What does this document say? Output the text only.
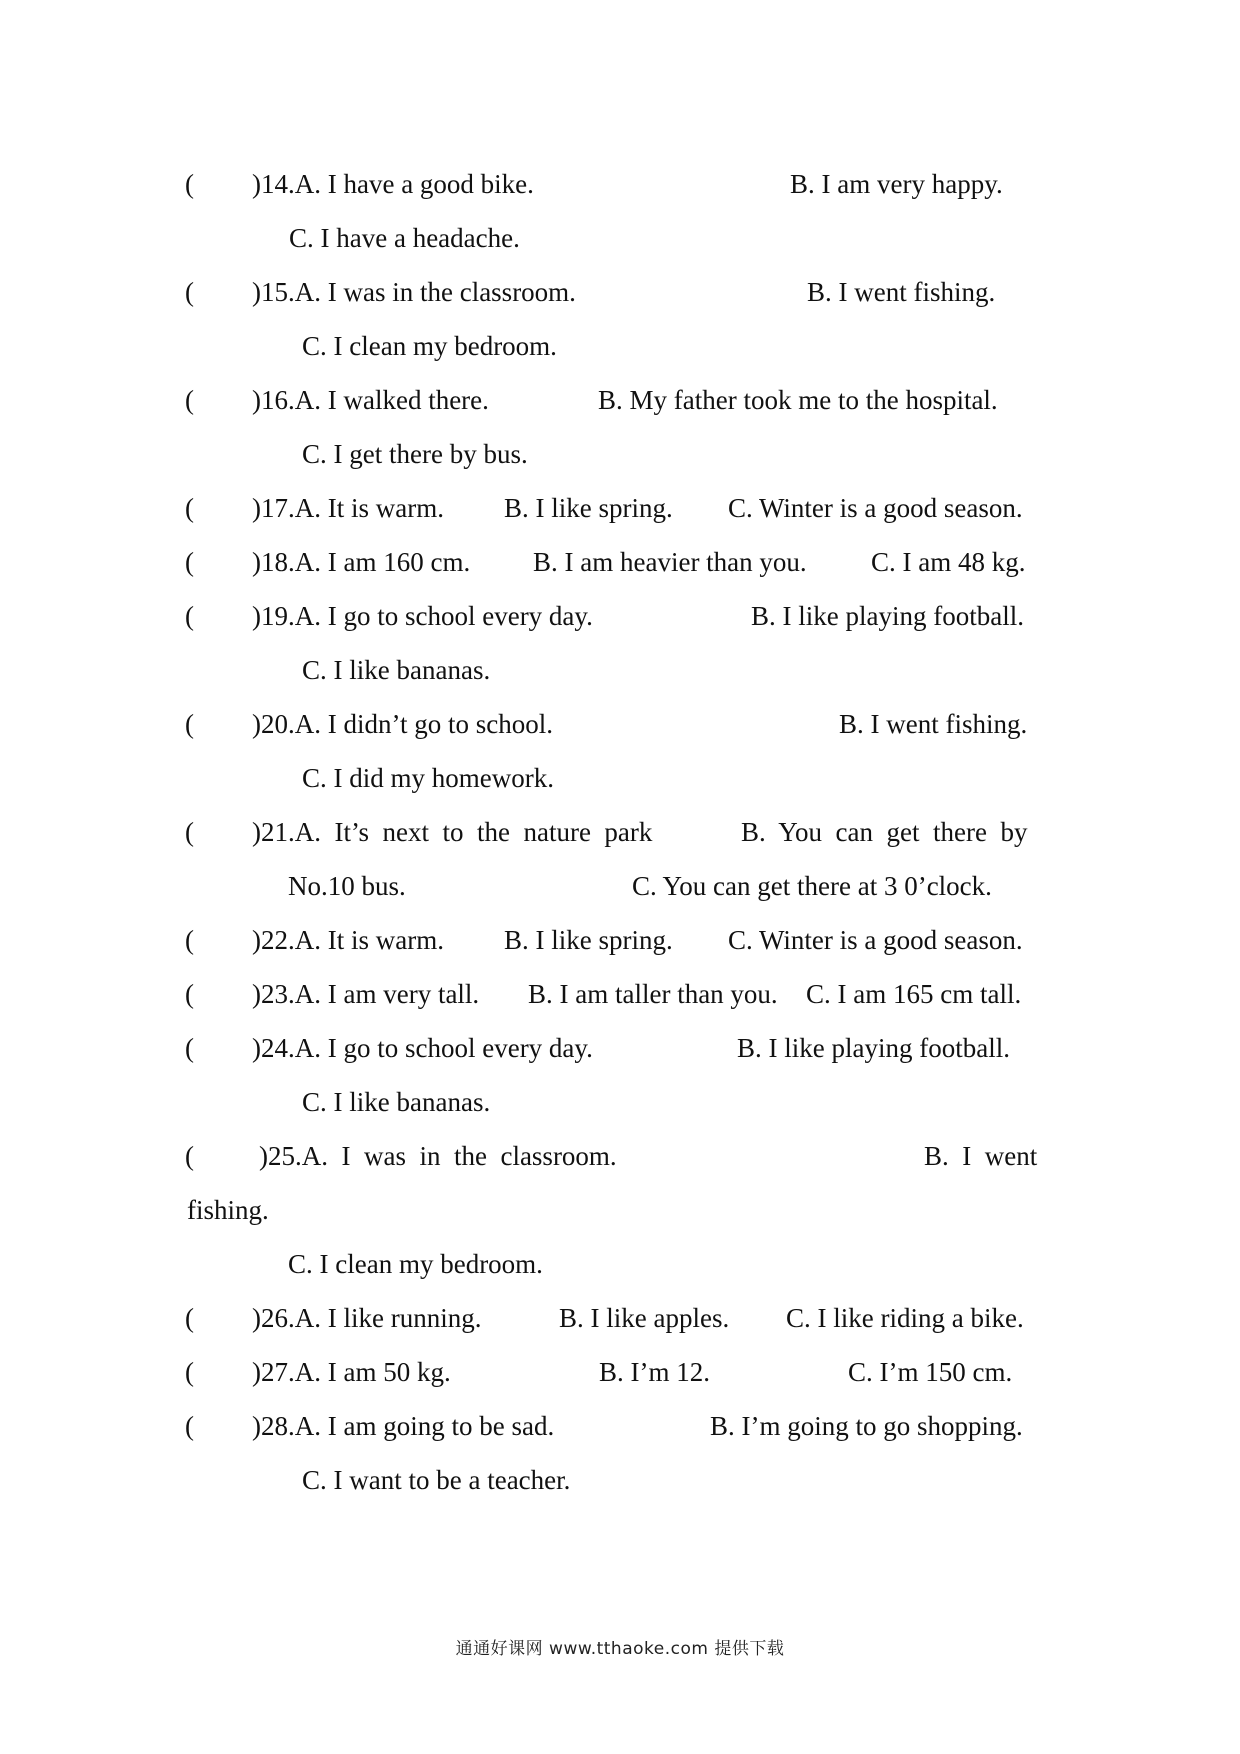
( )14.A. I have a good bike.	B. I am very happy.
C. I have a headache.
( )15.A. I was in the classroom.	B. I went fishing.
C. I clean my bedroom.
( )16.A. I walked there.	B. My father took me to the hospital.
C. I get there by bus.
( )17.A. It is warm. B. I like spring. C. Winter is a good season.
( )18.A. I am 160 cm. B. I am heavier than you. C. I am 48 kg.
( )19.A. I go to school every day.	B. I like playing football.
C. I like bananas.
( )20.A. I didn’t go to school.	B. I went fishing.
C. I did my homework.
( )21.A.  It’s  next  to  the  nature  park	B.  You  can  get  there  by
No.10 bus.	C. You can get there at 3 0’clock.
( )22.A. It is warm. B. I like spring. C. Winter is a good season.
( )23.A. I am very tall. B. I am taller than you. C. I am 165 cm tall.
( )24.A. I go to school every day.	B. I like playing football.
C. I like bananas.
( )25.A.  I  was  in  the  classroom.	B.  I  went
fishing.
C. I clean my bedroom.
( )26.A. I like running.	B. I like apples. C. I like riding a bike.
( )27.A. I am 50 kg.	B. I’m 12.	C. I’m 150 cm.
( )28.A. I am going to be sad.	B. I’m going to go shopping.
C. I want to be a teacher.
通通好课网 www.tthaoke.com 提供下载
